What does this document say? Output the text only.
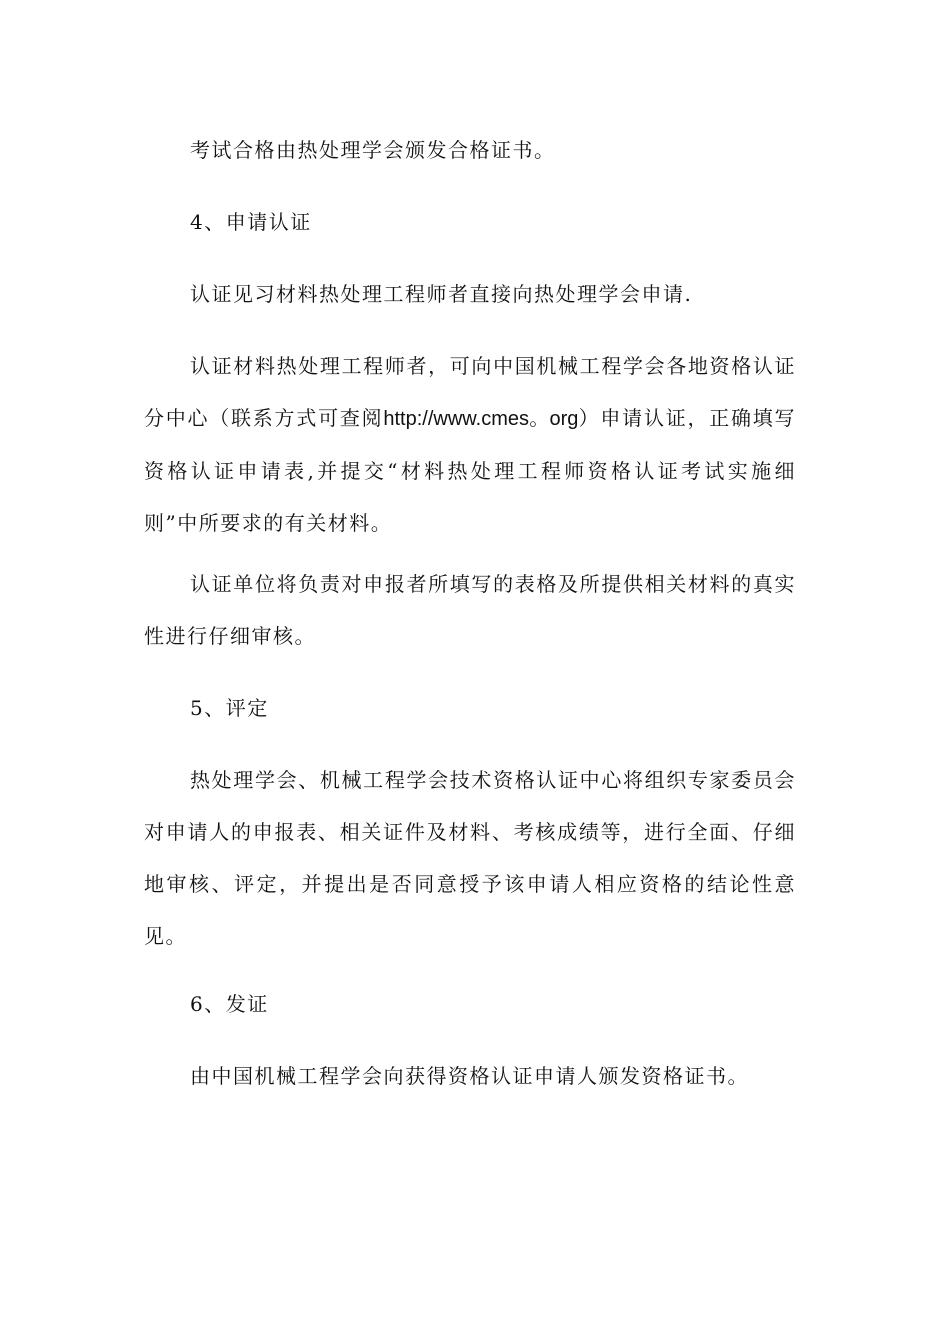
考试合格由热处理学会颁发合格证书。

4、申请认证

认证见习材料热处理工程师者直接向热处理学会申请.

认证材料热处理工程师者，可向中国机械工程学会各地资格认证分中心（联系方式可查阅http://www.cmes。org）申请认证，正确填写资格认证申请表,并提交“材料热处理工程师资格认证考试实施细则”中所要求的有关材料。

认证单位将负责对申报者所填写的表格及所提供相关材料的真实性进行仔细审核。

5、评定

热处理学会、机械工程学会技术资格认证中心将组织专家委员会对申请人的申报表、相关证件及材料、考核成绩等，进行全面、仔细地审核、评定，并提出是否同意授予该申请人相应资格的结论性意见。

6、发证

由中国机械工程学会向获得资格认证申请人颁发资格证书。
